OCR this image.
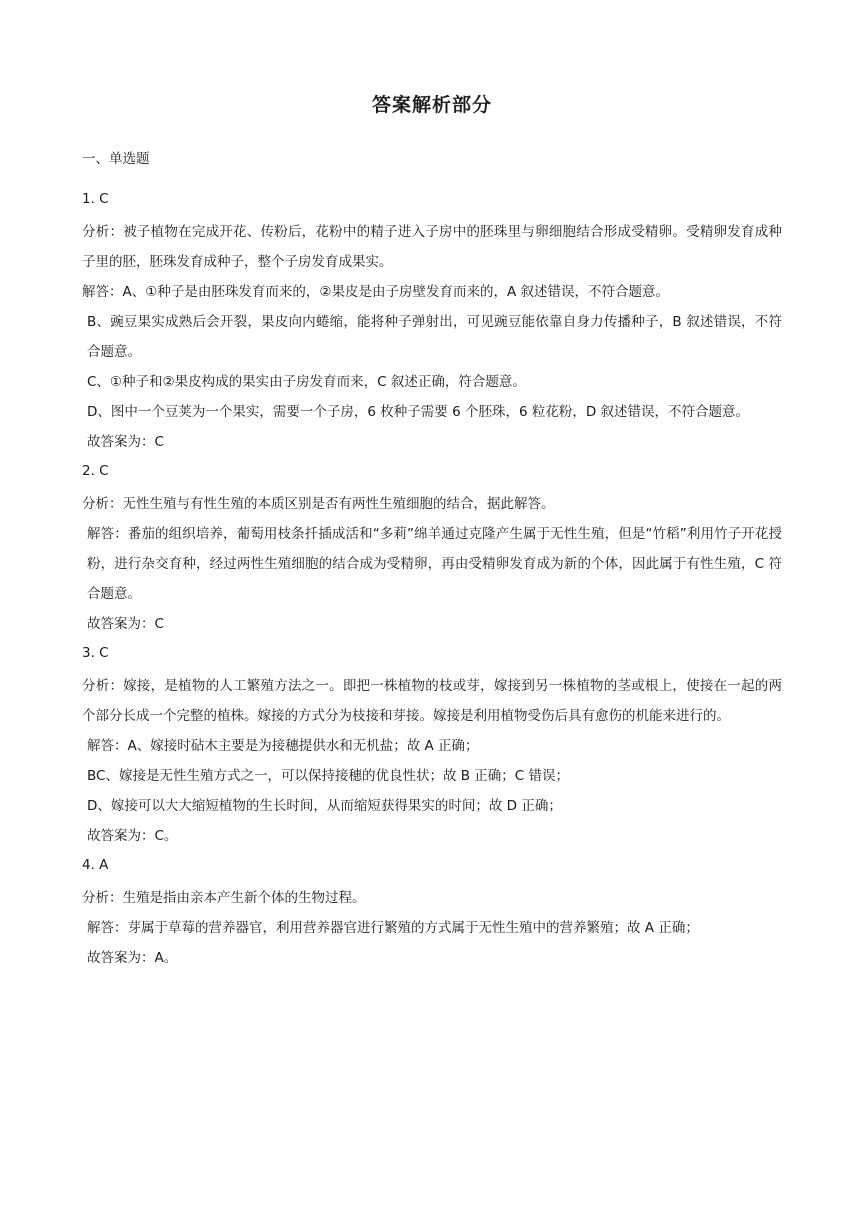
答案解析部分
一、单选题
1. C

分析：被子植物在完成开花、传粉后，花粉中的精子进入子房中的胚珠里与卵细胞结合形成受精卵。受精卵发育成种子里的胚，胚珠发育成种子，整个子房发育成果实。

解答：A、①种子是由胚珠发育而来的，②果皮是由子房壁发育而来的，A 叙述错误，不符合题意。

B、豌豆果实成熟后会开裂，果皮向内蜷缩，能将种子弹射出，可见豌豆能依靠自身力传播种子，B 叙述错误，不符合题意。

C、①种子和②果皮构成的果实由子房发育而来，C 叙述正确，符合题意。

D、图中一个豆荚为一个果实，需要一个子房，6 枚种子需要 6 个胚珠，6 粒花粉，D 叙述错误，不符合题意。

故答案为：C

2. C

分析：无性生殖与有性生殖的本质区别是否有两性生殖细胞的结合，据此解答。

解答：番茄的组织培养，葡萄用枝条扦插成活和“多莉”绵羊通过克隆产生属于无性生殖，但是“竹稻”利用竹子开花授粉，进行杂交育种，经过两性生殖细胞的结合成为受精卵，再由受精卵发育成为新的个体，因此属于有性生殖，C 符合题意。

故答案为：C

3. C

分析：嫁接，是植物的人工繁殖方法之一。即把一株植物的枝或芽，嫁接到另一株植物的茎或根上，使接在一起的两个部分长成一个完整的植株。嫁接的方式分为枝接和芽接。嫁接是利用植物受伤后具有愈伤的机能来进行的。

解答：A、嫁接时砧木主要是为接穗提供水和无机盐；故 A 正确；

BC、嫁接是无性生殖方式之一，可以保持接穗的优良性状；故 B 正确；C 错误；

D、嫁接可以大大缩短植物的生长时间，从而缩短获得果实的时间；故 D 正确；

故答案为：C。

4. A

分析：生殖是指由亲本产生新个体的生物过程。

解答：芽属于草莓的营养器官，利用营养器官进行繁殖的方式属于无性生殖中的营养繁殖；故 A 正确；

故答案为：A。
